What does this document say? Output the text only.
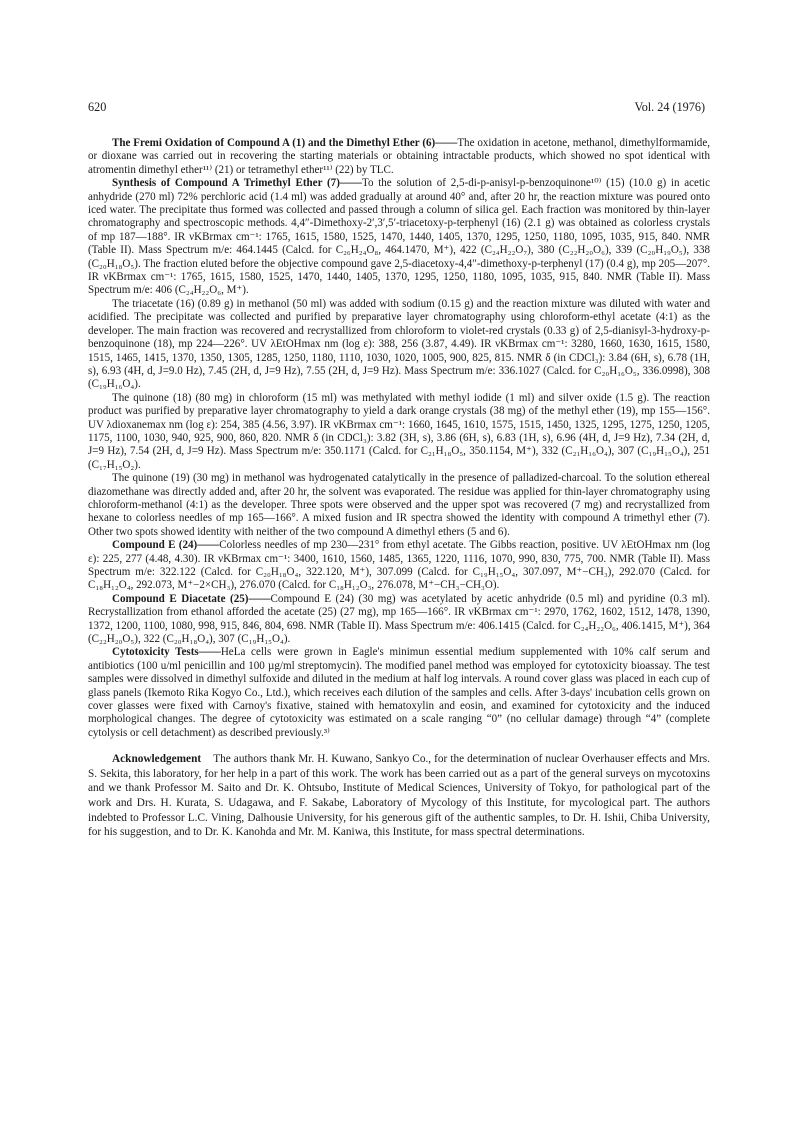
620	Vol. 24 (1976)

The Fremi Oxidation of Compound A (1) and the Dimethyl Ether (6)——The oxidation in acetone, methanol, dimethylformamide, or dioxane was carried out in recovering the starting materials or obtaining intractable products, which showed no spot identical with atromentin dimethyl ether¹¹⁾ (21) or tetramethyl ether¹¹⁾ (22) by TLC.

Synthesis of Compound A Trimethyl Ether (7)——To the solution of 2,5-di-p-anisyl-p-benzoquinone¹⁰⁾ (15) (10.0 g) in acetic anhydride (270 ml) 72% perchloric acid (1.4 ml) was added gradually at around 40° and, after 20 hr, the reaction mixture was poured onto iced water. The precipitate thus formed was collected and passed through a column of silica gel. Each fraction was monitored by thin-layer chromatography and spectroscopic methods. 4,4″-Dimethoxy-2′,3′,5′-triacetoxy-p-terphenyl (16) (2.1 g) was obtained as colorless crystals of mp 187—188°. IR νKBrmax cm⁻¹: 1765, 1615, 1580, 1525, 1470, 1440, 1405, 1370, 1295, 1250, 1180, 1095, 1035, 915, 840. NMR (Table II). Mass Spectrum m/e: 464.1445 (Calcd. for C₂₆H₂₄O₈, 464.1470, M⁺), 422 (C₂₄H₂₂O₇), 380 (C₂₂H₂₀O₆), 339 (C₂₀H₁₉O₅), 338 (C₂₀H₁₈O₅). The fraction eluted before the objective compound gave 2,5-diacetoxy-4,4″-dimethoxy-p-terphenyl (17) (0.4 g), mp 205—207°. IR νKBrmax cm⁻¹: 1765, 1615, 1580, 1525, 1470, 1440, 1405, 1370, 1295, 1250, 1180, 1095, 1035, 915, 840. NMR (Table II). Mass Spectrum m/e: 406 (C₂₄H₂₂O₆, M⁺).

The triacetate (16) (0.89 g) in methanol (50 ml) was added with sodium (0.15 g) and the reaction mixture was diluted with water and acidified. The precipitate was collected and purified by preparative layer chromatography using chloroform-ethyl acetate (4:1) as the developer. The main fraction was recovered and recrystallized from chloroform to violet-red crystals (0.33 g) of 2,5-dianisyl-3-hydroxy-p-benzoquinone (18), mp 224—226°. UV λEtOHmax nm (log ε): 388, 256 (3.87, 4.49). IR νKBrmax cm⁻¹: 3280, 1660, 1630, 1615, 1580, 1515, 1465, 1415, 1370, 1350, 1305, 1285, 1250, 1180, 1110, 1030, 1020, 1005, 900, 825, 815. NMR δ (in CDCl₃): 3.84 (6H, s), 6.78 (1H, s), 6.93 (4H, d, J=9.0 Hz), 7.45 (2H, d, J=9 Hz), 7.55 (2H, d, J=9 Hz). Mass Spectrum m/e: 336.1027 (Calcd. for C₂₀H₁₆O₅, 336.0998), 308 (C₁₉H₁₆O₄).

The quinone (18) (80 mg) in chloroform (15 ml) was methylated with methyl iodide (1 ml) and silver oxide (1.5 g). The reaction product was purified by preparative layer chromatography to yield a dark orange crystals (38 mg) of the methyl ether (19), mp 155—156°. UV λdioxanemax nm (log ε): 254, 385 (4.56, 3.97). IR νKBrmax cm⁻¹: 1660, 1645, 1610, 1575, 1515, 1450, 1325, 1295, 1275, 1250, 1205, 1175, 1100, 1030, 940, 925, 900, 860, 820. NMR δ (in CDCl₃): 3.82 (3H, s), 3.86 (6H, s), 6.83 (1H, s), 6.96 (4H, d, J=9 Hz), 7.34 (2H, d, J=9 Hz), 7.54 (2H, d, J=9 Hz). Mass Spectrum m/e: 350.1171 (Calcd. for C₂₁H₁₈O₅, 350.1154, M⁺), 332 (C₂₁H₁₆O₄), 307 (C₁₉H₁₅O₄), 251 (C₁₇H₁₅O₂).

The quinone (19) (30 mg) in methanol was hydrogenated catalytically in the presence of palladized-charcoal. To the solution ethereal diazomethane was directly added and, after 20 hr, the solvent was evaporated. The residue was applied for thin-layer chromatography using chloroform-methanol (4:1) as the developer. Three spots were observed and the upper spot was recovered (7 mg) and recrystallized from hexane to colorless needles of mp 165—166°. A mixed fusion and IR spectra showed the identity with compound A trimethyl ether (7). Other two spots showed identity with neither of the two compound A dimethyl ethers (5 and 6).

Compound E (24)——Colorless needles of mp 230—231° from ethyl acetate. The Gibbs reaction, positive. UV λEtOHmax nm (log ε): 225, 277 (4.48, 4.30). IR νKBrmax cm⁻¹: 3400, 1610, 1560, 1485, 1365, 1220, 1116, 1070, 990, 830, 775, 700. NMR (Table II). Mass Spectrum m/e: 322.122 (Calcd. for C₂₀H₁₈O₄, 322.120, M⁺), 307.099 (Calcd. for C₁₉H₁₅O₄, 307.097, M⁺−CH₃), 292.070 (Calcd. for C₁₈H₁₂O₄, 292.073, M⁺−2×CH₃), 276.070 (Calcd. for C₁₈H₁₂O₃, 276.078, M⁺−CH₃−CH₃O).

Compound E Diacetate (25)——Compound E (24) (30 mg) was acetylated by acetic anhydride (0.5 ml) and pyridine (0.3 ml). Recrystallization from ethanol afforded the acetate (25) (27 mg), mp 165—166°. IR νKBrmax cm⁻¹: 2970, 1762, 1602, 1512, 1478, 1390, 1372, 1200, 1100, 1080, 998, 915, 846, 804, 698. NMR (Table II). Mass Spectrum m/e: 406.1415 (Calcd. for C₂₄H₂₂O₆, 406.1415, M⁺), 364 (C₂₂H₂₀O₅), 322 (C₂₀H₁₈O₄), 307 (C₁₉H₁₅O₄).

Cytotoxicity Tests——HeLa cells were grown in Eagle's minimun essential medium supplemented with 10% calf serum and antibiotics (100 u/ml penicillin and 100 µg/ml streptomycin). The modified panel method was employed for cytotoxicity bioassay. The test samples were dissolved in dimethyl sulfoxide and diluted in the medium at half log intervals. A round cover glass was placed in each cup of glass panels (Ikemoto Rika Kogyo Co., Ltd.), which receives each dilution of the samples and cells. After 3-days' incubation cells grown on cover glasses were fixed with Carnoy's fixative, stained with hematoxylin and eosin, and examined for cytotoxicity and the induced morphological changes. The degree of cytotoxicity was estimated on a scale ranging “0” (no cellular damage) through “4” (complete cytolysis or cell detachment) as described previously.³⁾

Acknowledgement The authors thank Mr. H. Kuwano, Sankyo Co., for the determination of nuclear Overhauser effects and Mrs. S. Sekita, this laboratory, for her help in a part of this work. The work has been carried out as a part of the general surveys on mycotoxins and we thank Professor M. Saito and Dr. K. Ohtsubo, Institute of Medical Sciences, University of Tokyo, for pathological part of the work and Drs. H. Kurata, S. Udagawa, and F. Sakabe, Laboratory of Mycology of this Institute, for mycological part. The authors indebted to Professor L.C. Vining, Dalhousie University, for his generous gift of the authentic samples, to Dr. H. Ishii, Chiba University, for his suggestion, and to Dr. K. Kanohda and Mr. M. Kaniwa, this Institute, for mass spectral determinations.
